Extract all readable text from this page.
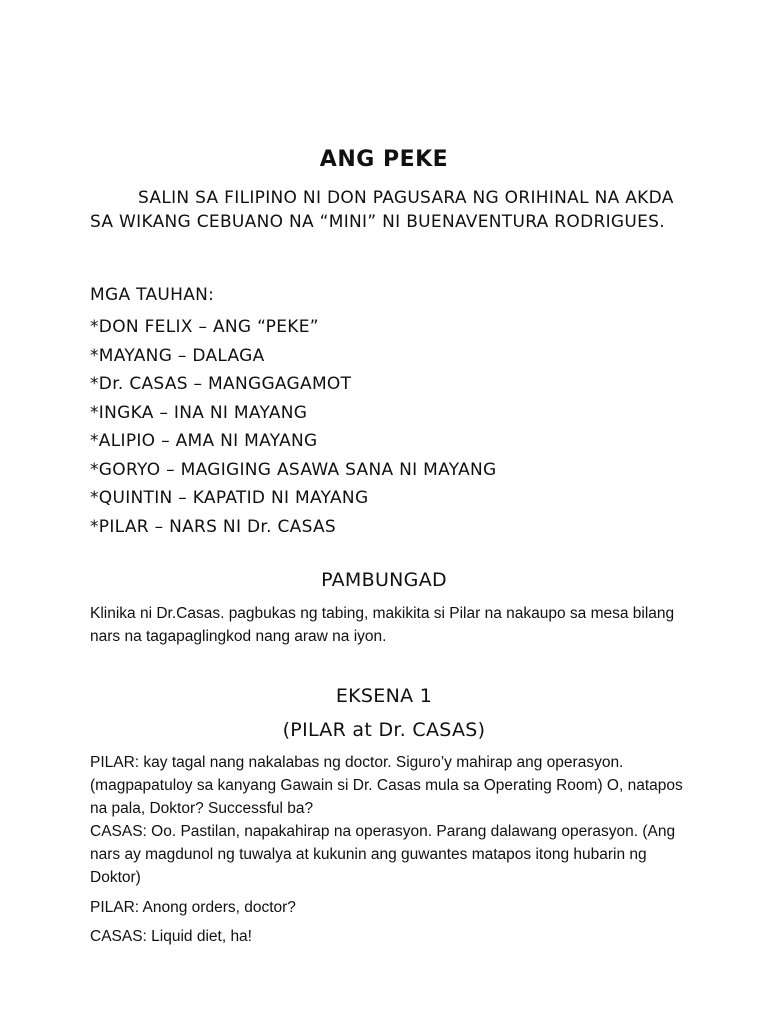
ANG PEKE
SALIN SA FILIPINO NI DON PAGUSARA NG ORIHINAL NA AKDA SA WIKANG CEBUANO NA “MINI” NI BUENAVENTURA RODRIGUES.
MGA TAUHAN:
*DON FELIX – ANG “PEKE”
*MAYANG – DALAGA
*Dr. CASAS – MANGGAGAMOT
*INGKA – INA NI MAYANG
*ALIPIO – AMA NI MAYANG
*GORYO – MAGIGING ASAWA SANA NI MAYANG
*QUINTIN – KAPATID NI MAYANG
*PILAR – NARS NI Dr. CASAS
PAMBUNGAD

Klinika ni Dr.Casas. pagbukas ng tabing, makikita si Pilar na nakaupo sa mesa bilang nars na tagapaglingkod nang araw na iyon.

EKSENA 1
(PILAR at Dr. CASAS)

PILAR: kay tagal nang nakalabas ng doctor. Siguro’y mahirap ang operasyon. (magpapatuloy sa kanyang Gawain si Dr. Casas mula sa Operating Room) O, natapos na pala, Doktor? Successful ba?

CASAS: Oo. Pastilan, napakahirap na operasyon. Parang dalawang operasyon. (Ang nars ay magdunol ng tuwalya at kukunin ang guwantes matapos itong hubarin ng Doktor)

PILAR: Anong orders, doctor?

CASAS: Liquid diet, ha!
